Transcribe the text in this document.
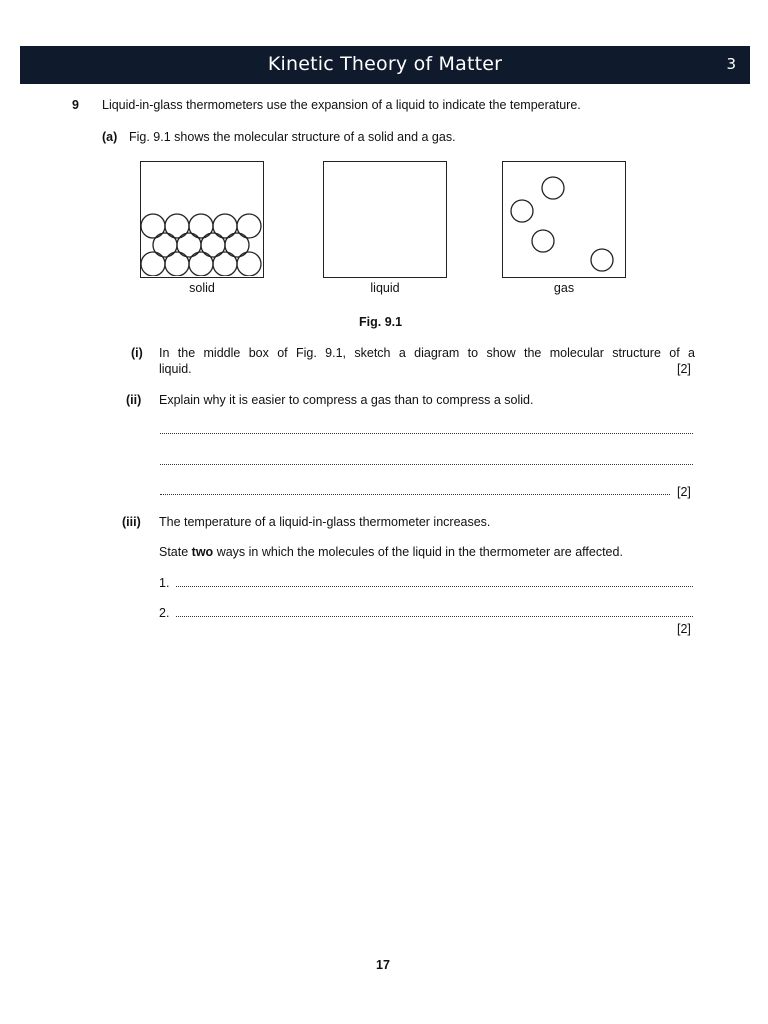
Kinetic Theory of Matter	3
9 Liquid-in-glass thermometers use the expansion of a liquid to indicate the temperature.
(a) Fig. 9.1 shows the molecular structure of a solid and a gas.
solid	liquid	gas
Fig. 9.1
(i) In the middle box of Fig. 9.1, sketch a diagram to show the molecular structure of a
liquid.	[2]
(ii) Explain why it is easier to compress a gas than to compress a solid.
[2]
(iii) The temperature of a liquid-in-glass thermometer increases.
State two ways in which the molecules of the liquid in the thermometer are affected.
1.
2.
[2]
17
